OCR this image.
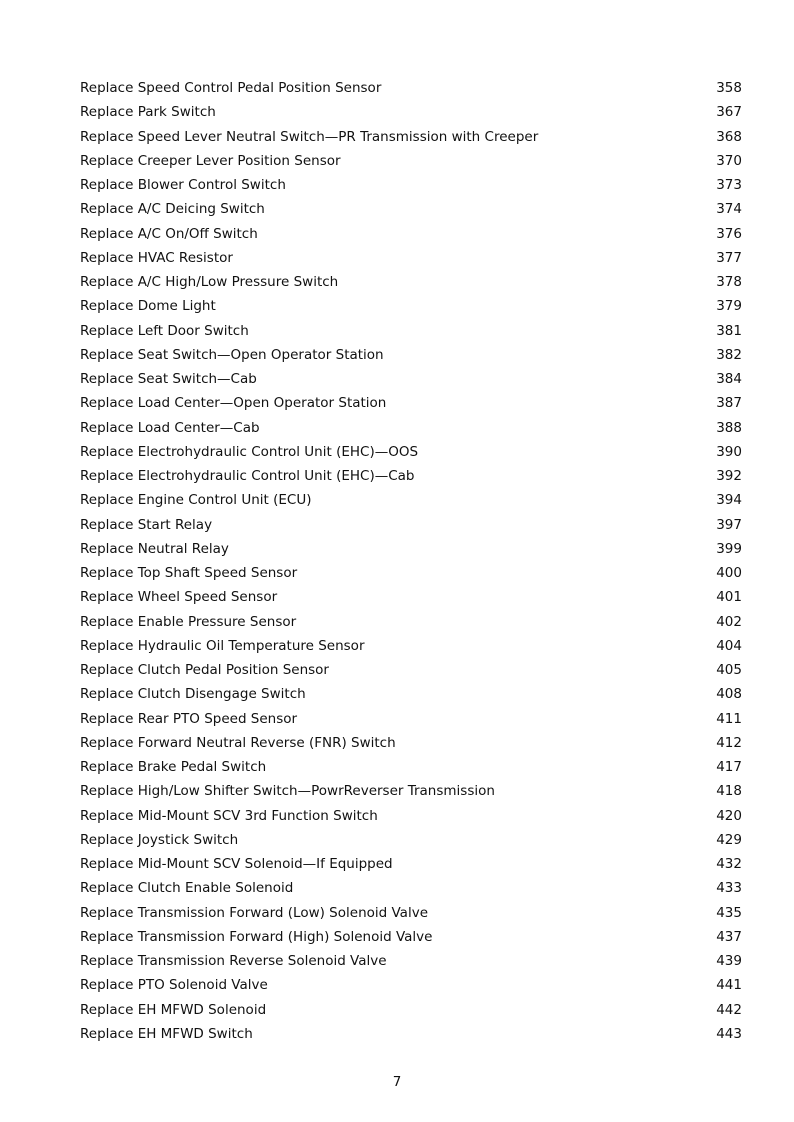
Replace Speed Control Pedal Position Sensor	358
Replace Park Switch	367
Replace Speed Lever Neutral Switch—PR Transmission with Creeper	368
Replace Creeper Lever Position Sensor	370
Replace Blower Control Switch	373
Replace A/C Deicing Switch	374
Replace A/C On/Off Switch	376
Replace HVAC Resistor	377
Replace A/C High/Low Pressure Switch	378
Replace Dome Light	379
Replace Left Door Switch	381
Replace Seat Switch—Open Operator Station	382
Replace Seat Switch—Cab	384
Replace Load Center—Open Operator Station	387
Replace Load Center—Cab	388
Replace Electrohydraulic Control Unit (EHC)—OOS	390
Replace Electrohydraulic Control Unit (EHC)—Cab	392
Replace Engine Control Unit (ECU)	394
Replace Start Relay	397
Replace Neutral Relay	399
Replace Top Shaft Speed Sensor	400
Replace Wheel Speed Sensor	401
Replace Enable Pressure Sensor	402
Replace Hydraulic Oil Temperature Sensor	404
Replace Clutch Pedal Position Sensor	405
Replace Clutch Disengage Switch	408
Replace Rear PTO Speed Sensor	411
Replace Forward Neutral Reverse (FNR) Switch	412
Replace Brake Pedal Switch	417
Replace High/Low Shifter Switch—PowrReverser Transmission	418
Replace Mid-Mount SCV 3rd Function Switch	420
Replace Joystick Switch	429
Replace Mid-Mount SCV Solenoid—If Equipped	432
Replace Clutch Enable Solenoid	433
Replace Transmission Forward (Low) Solenoid Valve	435
Replace Transmission Forward (High) Solenoid Valve	437
Replace Transmission Reverse Solenoid Valve	439
Replace PTO Solenoid Valve	441
Replace EH MFWD Solenoid	442
Replace EH MFWD Switch	443
7
